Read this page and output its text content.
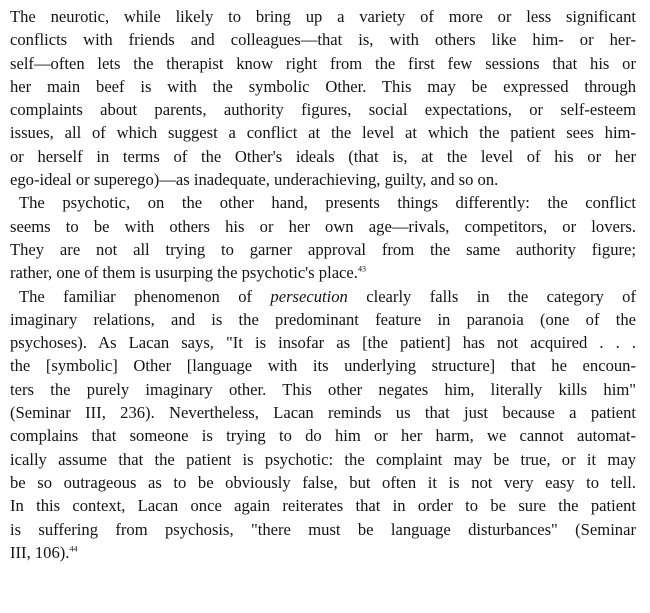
The neurotic, while likely to bring up a variety of more or less significant
conflicts with friends and colleagues—that is, with others like him- or her-
self—often lets the therapist know right from the first few sessions that his or
her main beef is with the symbolic Other. This may be expressed through
complaints about parents, authority figures, social expectations, or self-esteem
issues, all of which suggest a conflict at the level at which the patient sees him-
or herself in terms of the Other's ideals (that is, at the level of his or her
ego-ideal or superego)—as inadequate, underachieving, guilty, and so on.
The psychotic, on the other hand, presents things differently: the conflict
seems to be with others his or her own age—rivals, competitors, or lovers.
They are not all trying to garner approval from the same authority figure;
rather, one of them is usurping the psychotic's place.$^{43}$
The familiar phenomenon of persecution clearly falls in the category of
imaginary relations, and is the predominant feature in paranoia (one of the
psychoses). As Lacan says, "It is insofar as [the patient] has not acquired . . .
the [symbolic] Other [language with its underlying structure] that he encoun-
ters the purely imaginary other. This other negates him, literally kills him"
(Seminar III, 236). Nevertheless, Lacan reminds us that just because a patient
complains that someone is trying to do him or her harm, we cannot automat-
ically assume that the patient is psychotic: the complaint may be true, or it may
be so outrageous as to be obviously false, but often it is not very easy to tell.
In this context, Lacan once again reiterates that in order to be sure the patient
is suffering from psychosis, "there must be language disturbances" (Seminar
III, 106).$^{44}$
